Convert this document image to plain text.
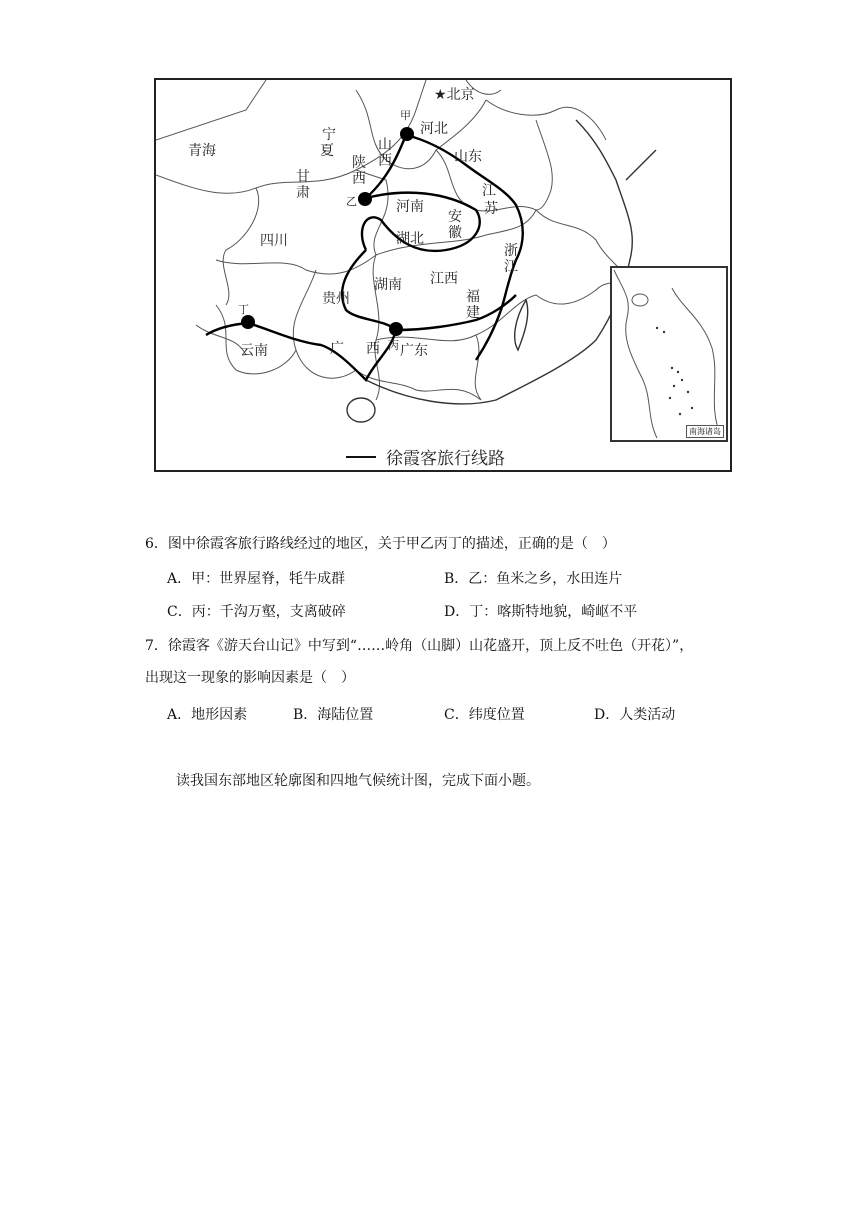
青海
宁
夏
甘
肃
陕
西
山
西
河北
山东
江
苏
河南
安
徽
湖北
四川
贵州
湖南 江西
浙
江
福
建
云南	广 西 广东
★北京
甲
乙
丙
丁
徐霞客旅行线路
南海诸岛
6．图中徐霞客旅行路线经过的地区，关于甲乙丙丁的描述，正确的是（　）
A．甲：世界屋脊，牦牛成群	B．乙：鱼米之乡，水田连片
C．丙：千沟万壑，支离破碎	D．丁：喀斯特地貌，崎岖不平
7．徐霞客《游天台山记》中写到“……岭角（山脚）山花盛开，顶上反不吐色（开花）”，
出现这一现象的影响因素是（　）
A．地形因素	B．海陆位置	C．纬度位置	D．人类活动
读我国东部地区轮廓图和四地气候统计图，完成下面小题。
